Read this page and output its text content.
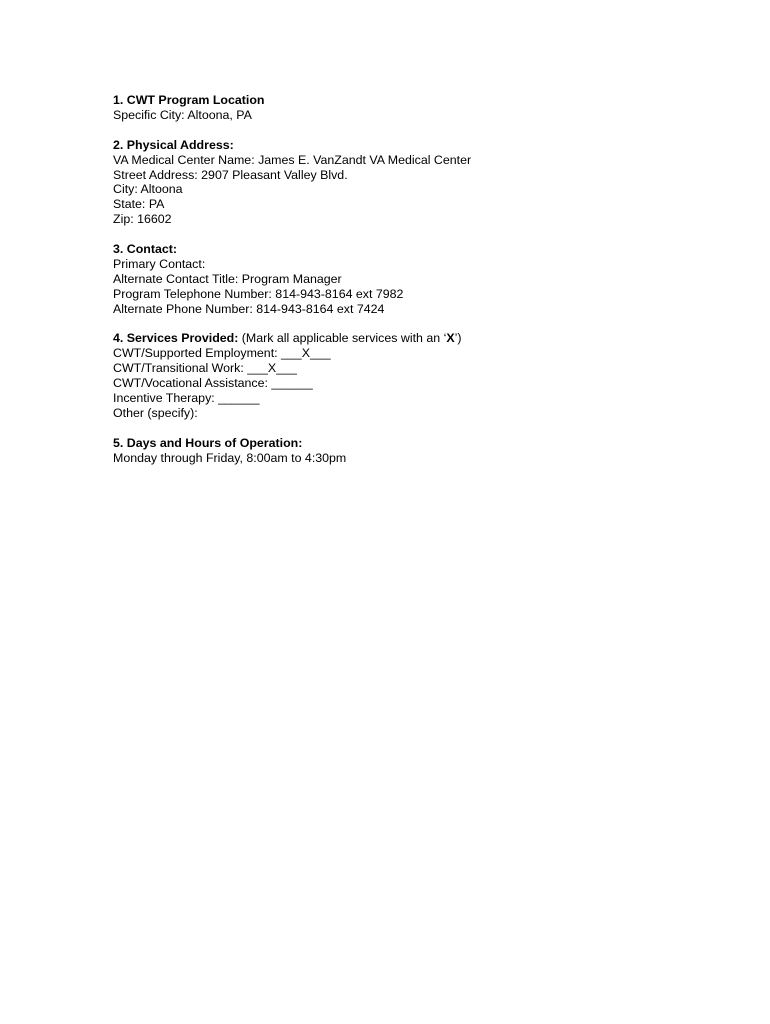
1. CWT Program Location
Specific City: Altoona, PA
2. Physical Address:
VA Medical Center Name: James E. VanZandt VA Medical Center
Street Address: 2907 Pleasant Valley Blvd.
City: Altoona
State: PA
Zip: 16602
3. Contact:
Primary Contact:
Alternate Contact Title: Program Manager
Program Telephone Number: 814-943-8164 ext 7982
Alternate Phone Number: 814-943-8164 ext 7424
4. Services Provided: (Mark all applicable services with an ‘X’)
CWT/Supported Employment: ___X___
CWT/Transitional Work: ___X___
CWT/Vocational Assistance: ______
Incentive Therapy: ______
Other (specify):
5. Days and Hours of Operation:
Monday through Friday, 8:00am to 4:30pm
